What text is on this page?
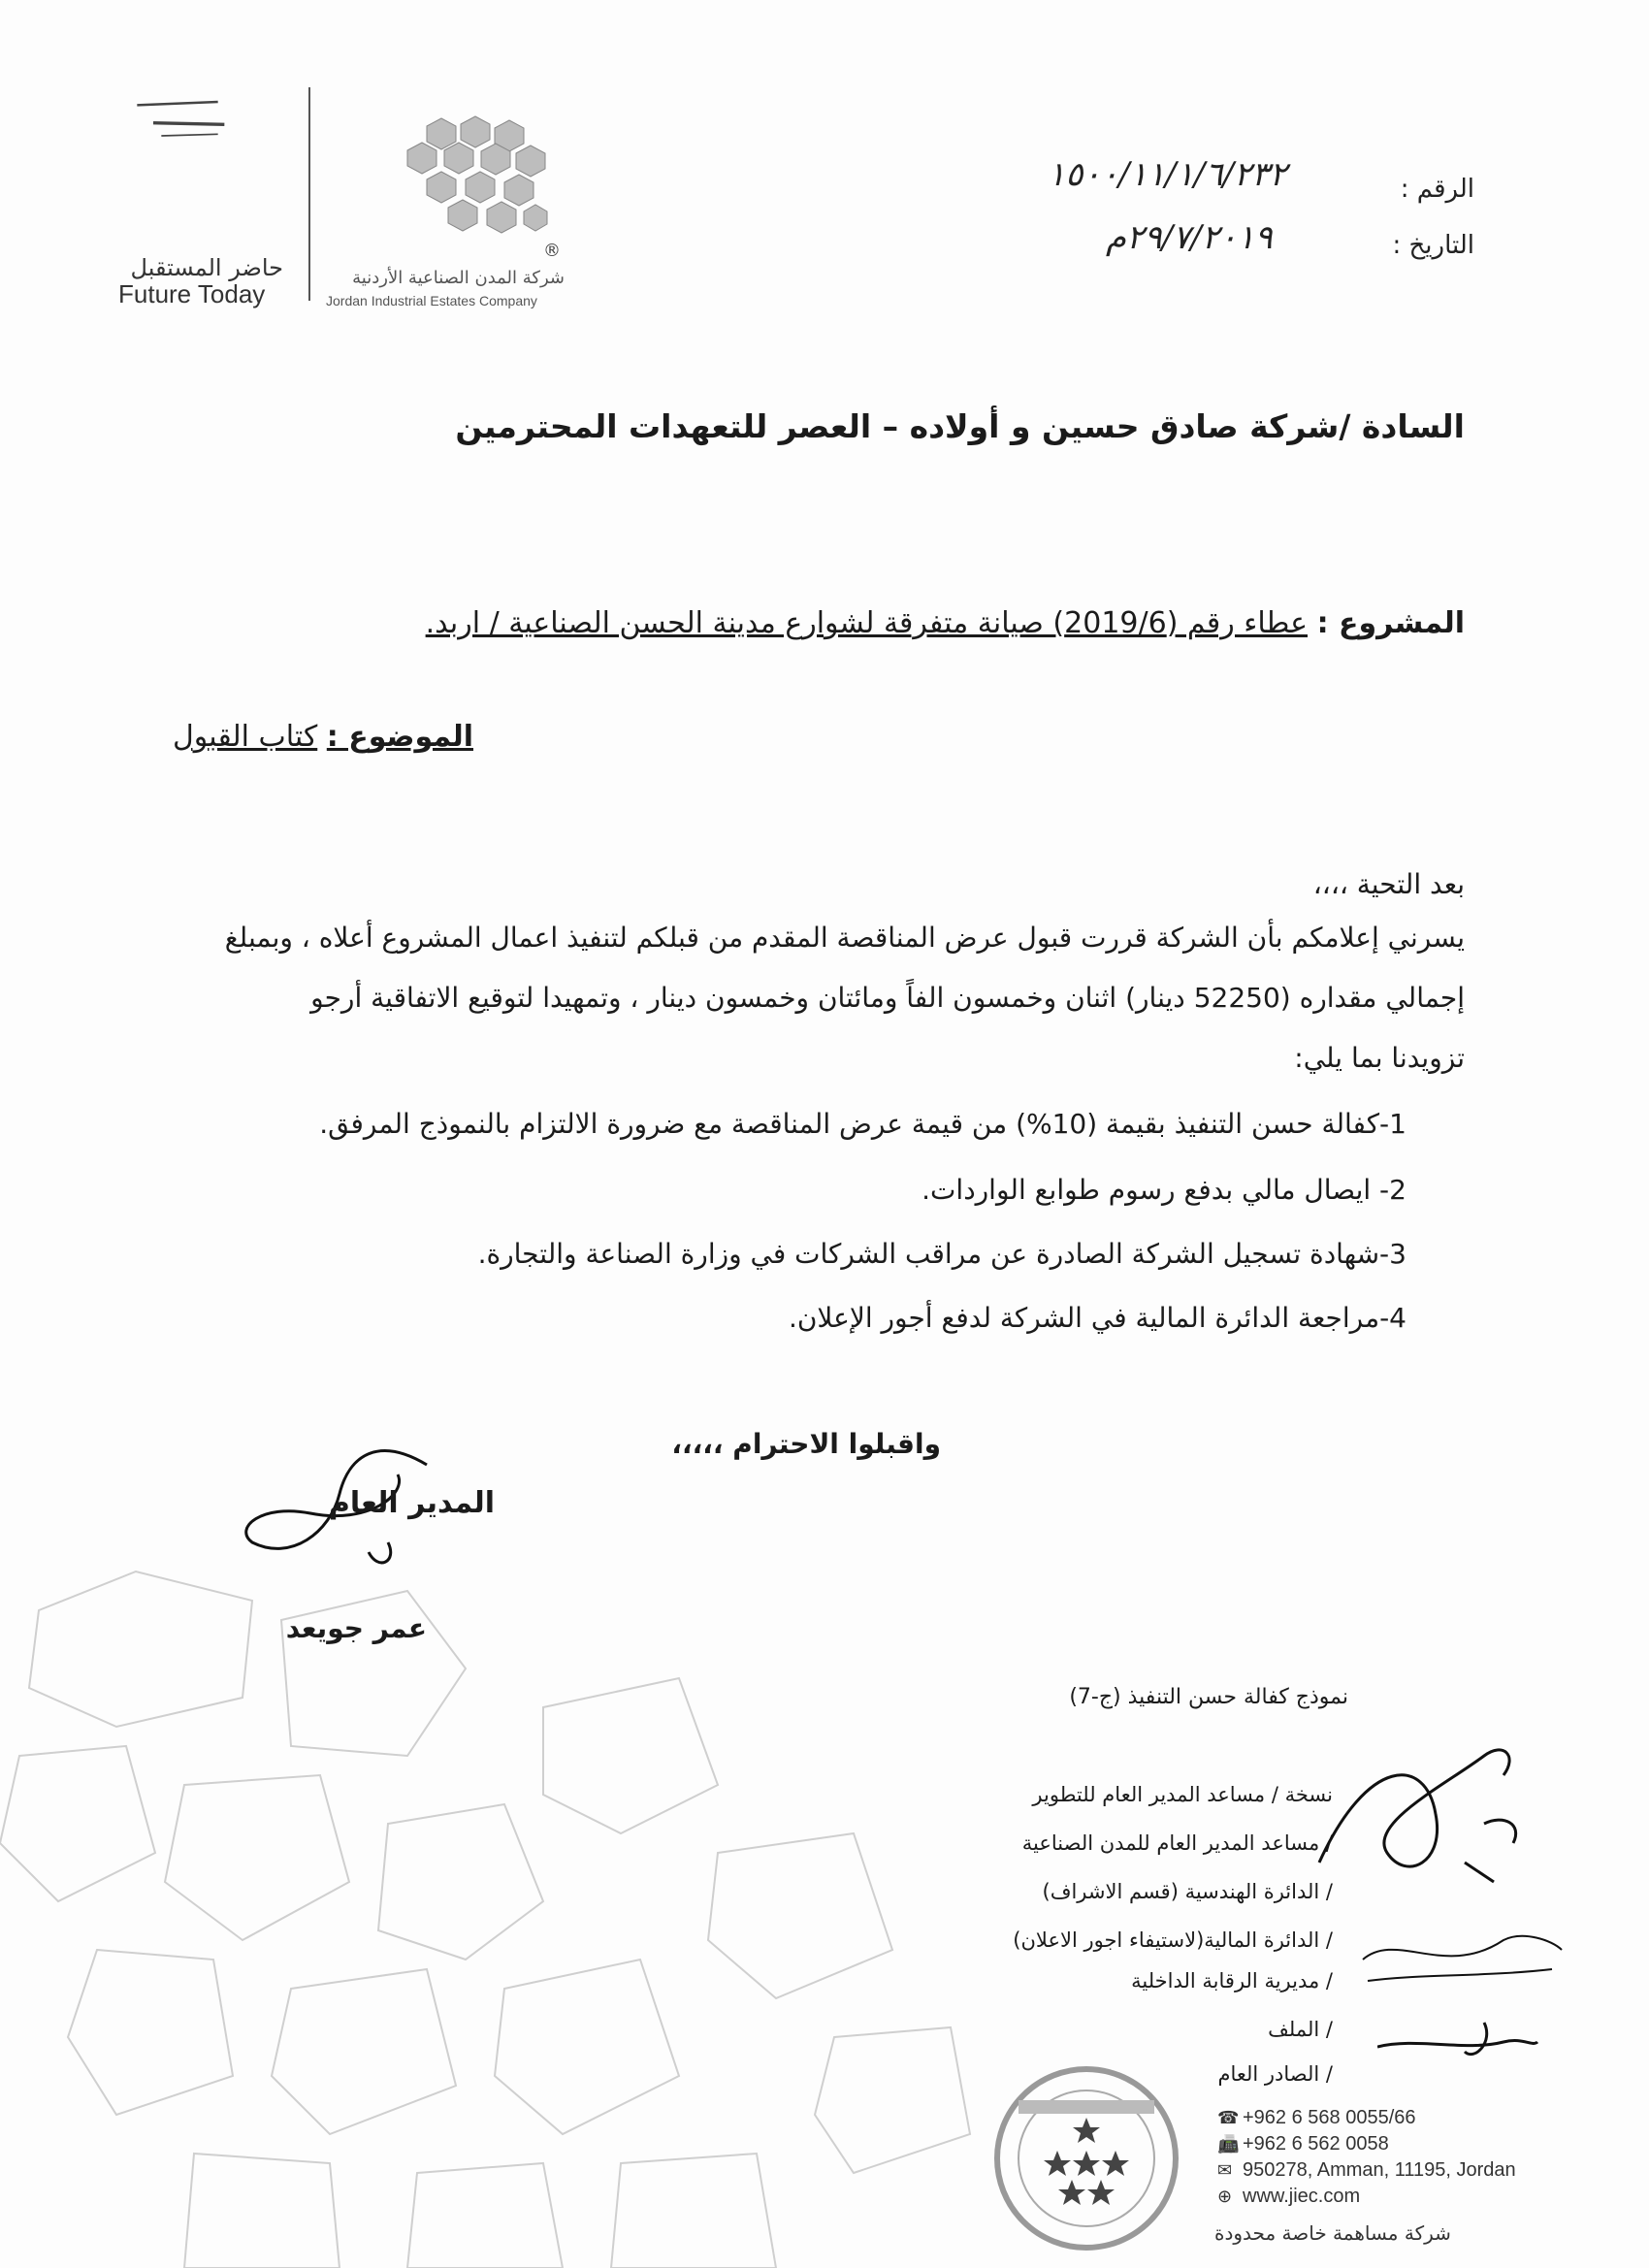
حاضر المستقبل
Future Today
®
شركة المدن الصناعية الأردنية
Jordan Industrial Estates Company
الرقم :
١٥٠٠/١١/١/٦/٢٣٢
التاريخ :
٢٩/٧/٢٠١٩م
السادة /شركة صادق حسين و أولاده – العصر للتعهدات المحترمين
المشروع : عطاء رقم (2019/6) صيانة متفرقة لشوارع مدينة الحسن الصناعية / اربد.
الموضوع : كتاب القبول
بعد التحية ،،،،
يسرني إعلامكم بأن الشركة قررت قبول عرض المناقصة المقدم من قبلكم لتنفيذ اعمال المشروع أعلاه ، وبمبلغ
إجمالي مقداره (52250 دينار) اثنان وخمسون الفاً ومائتان وخمسون دينار ، وتمهيدا لتوقيع الاتفاقية أرجو
تزويدنا بما يلي:
1-كفالة حسن التنفيذ بقيمة (10%) من قيمة عرض المناقصة مع ضرورة الالتزام بالنموذج المرفق.
2- ايصال مالي بدفع رسوم طوابع الواردات.
3-شهادة تسجيل الشركة الصادرة عن مراقب الشركات في وزارة الصناعة والتجارة.
4-مراجعة الدائرة المالية في الشركة لدفع أجور الإعلان.
واقبلوا الاحترام ،،،،،
المدير العام
عمر جويعد
نموذج كفالة حسن التنفيذ (ج-7)
نسخة / مساعد المدير العام للتطوير
/ مساعد المدير العام للمدن الصناعية
/ الدائرة الهندسية (قسم الاشراف)
/ الدائرة المالية(لاستيفاء اجور الاعلان)
/ مديرية الرقابة الداخلية
/ الملف
/ الصادر العام
☎ +962 6 568 0055/66
📠 +962 6 562 0058
✉ 950278, Amman, 11195, Jordan
⊕ www.jiec.com
شركة مساهمة خاصة محدودة
